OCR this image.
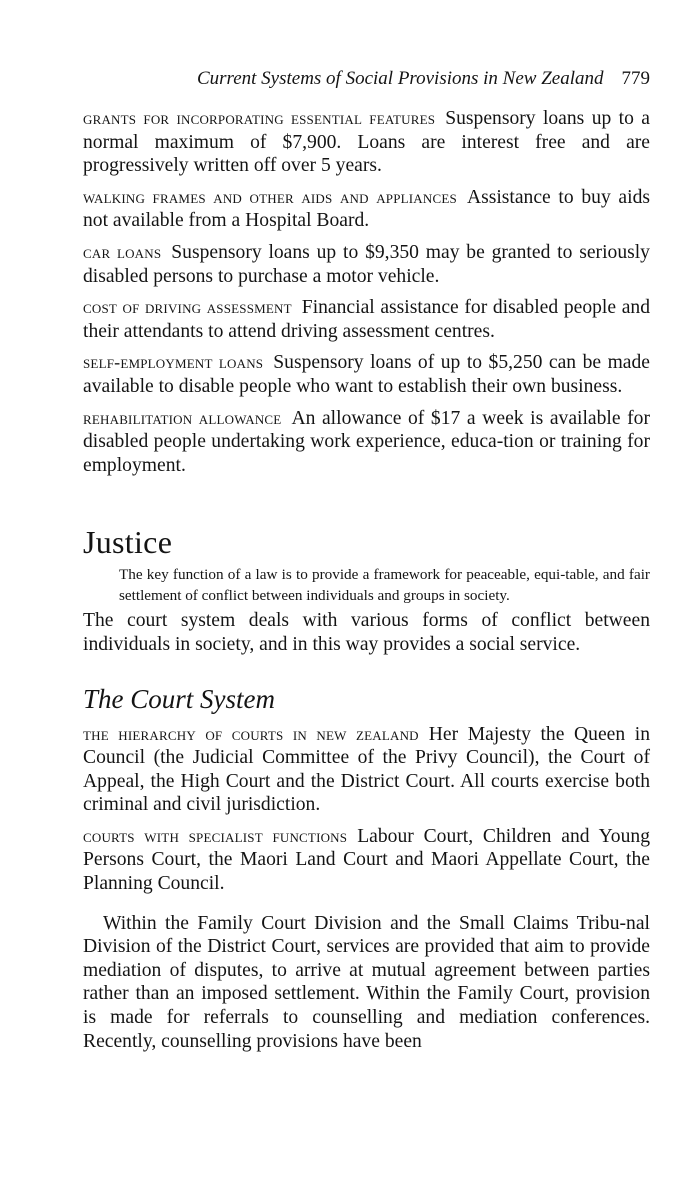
Current Systems of Social Provisions in New Zealand 779

grants for incorporating essential features Suspensory loans up to a normal maximum of $7,900. Loans are interest free and are progressively written off over 5 years.

walking frames and other aids and appliances Assistance to buy aids not available from a Hospital Board.

car loans Suspensory loans up to $9,350 may be granted to seriously disabled persons to purchase a motor vehicle.

cost of driving assessment Financial assistance for disabled people and their attendants to attend driving assessment centres.

self-employment loans Suspensory loans of up to $5,250 can be made available to disable people who want to establish their own business.

rehabilitation allowance An allowance of $17 a week is available for disabled people undertaking work experience, educa-tion or training for employment.

Justice

The key function of a law is to provide a framework for peaceable, equi-table, and fair settlement of conflict between individuals and groups in society.

The court system deals with various forms of conflict between individuals in society, and in this way provides a social service.

The Court System

the hierarchy of courts in new zealand Her Majesty the Queen in Council (the Judicial Committee of the Privy Council), the Court of Appeal, the High Court and the District Court. All courts exercise both criminal and civil jurisdiction.

courts with specialist functions Labour Court, Children and Young Persons Court, the Maori Land Court and Maori Appellate Court, the Planning Council.

Within the Family Court Division and the Small Claims Tribu-nal Division of the District Court, services are provided that aim to provide mediation of disputes, to arrive at mutual agreement between parties rather than an imposed settlement. Within the Family Court, provision is made for referrals to counselling and mediation conferences. Recently, counselling provisions have been
